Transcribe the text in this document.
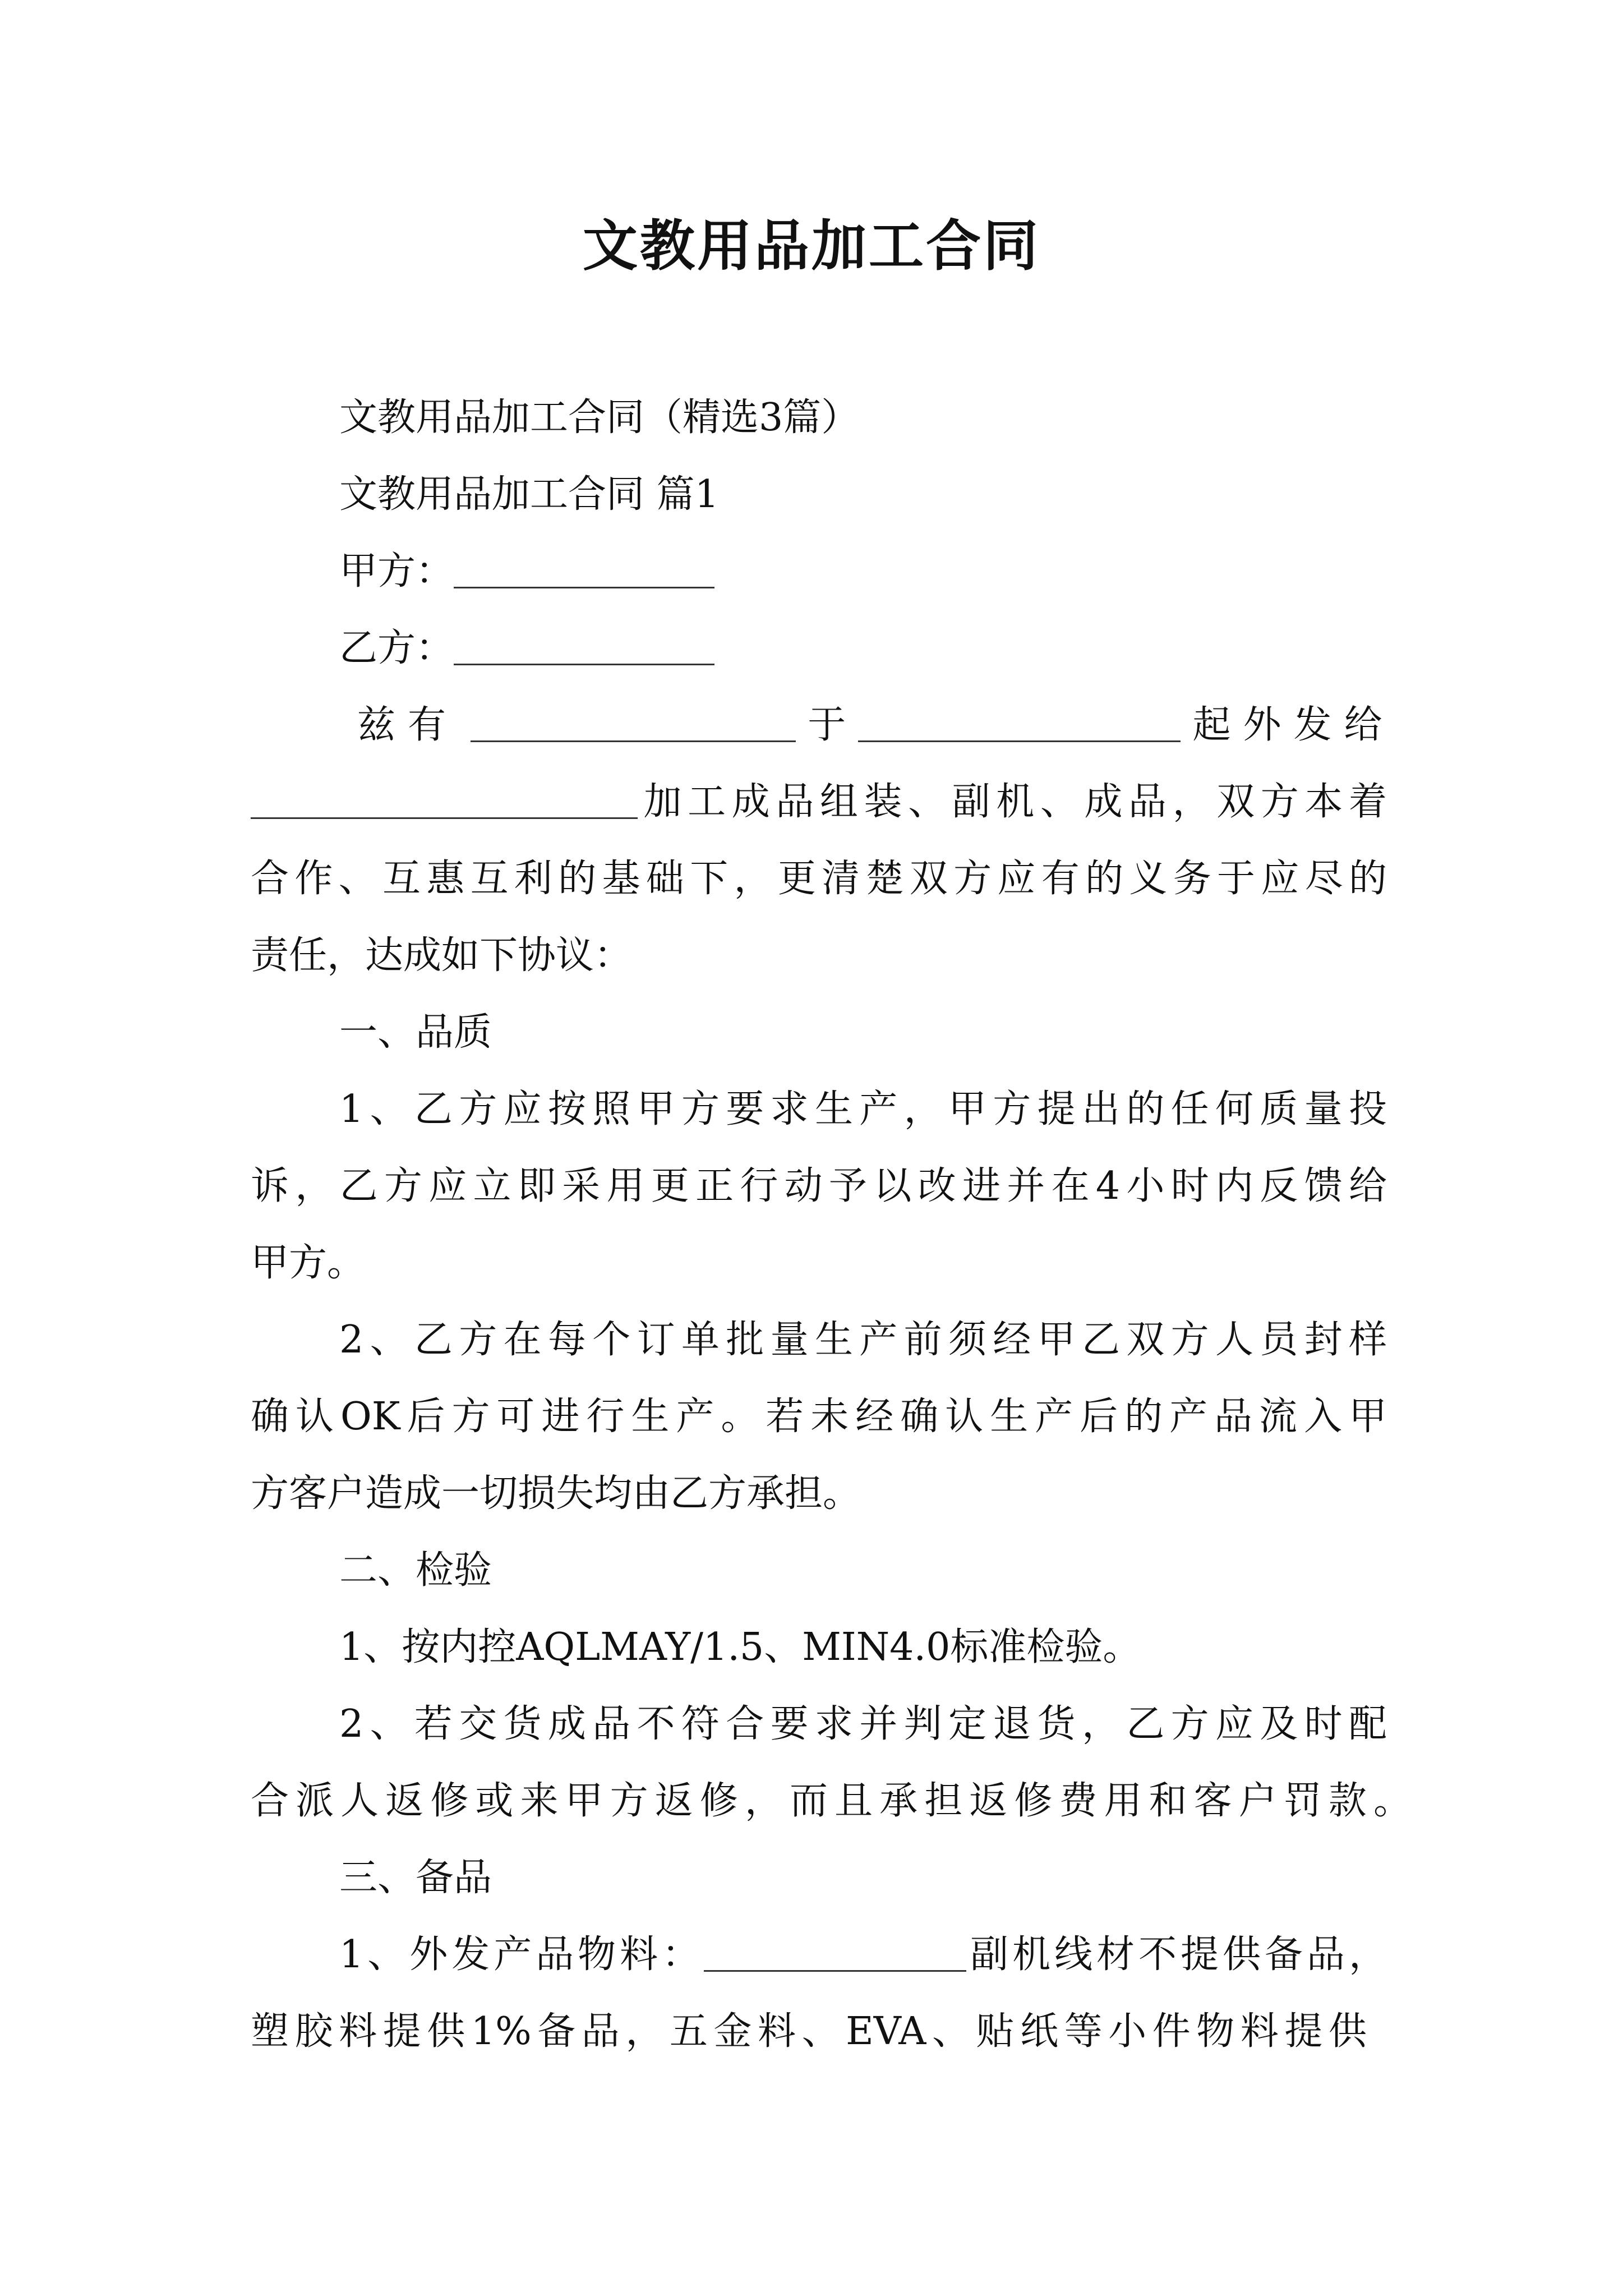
文教用品加工合同
文教用品加工合同（精选3篇）
文教用品加工合同 篇1
甲方：
乙方：
兹有	于	起外发给
加工成品组装、副机、成品，双方本着
合作、互惠互利的基础下，更清楚双方应有的义务于应尽的
责任，达成如下协议：
一、品质
1、乙方应按照甲方要求生产，甲方提出的任何质量投
诉，乙方应立即采用更正行动予以改进并在4小时内反馈给
甲方。
2、乙方在每个订单批量生产前须经甲乙双方人员封样
确认OK后方可进行生产。若未经确认生产后的产品流入甲
方客户造成一切损失均由乙方承担。
二、检验
1、按内控AQLMAY/1.5、MIN4.0标准检验。
2、若交货成品不符合要求并判定退货，乙方应及时配
合派人返修或来甲方返修，而且承担返修费用和客户罚款。
三、备品
1、外发产品物料：	副机线材不提供备品，
塑胶料提供1%备品，五金料、EVA、贴纸等小件物料提供
